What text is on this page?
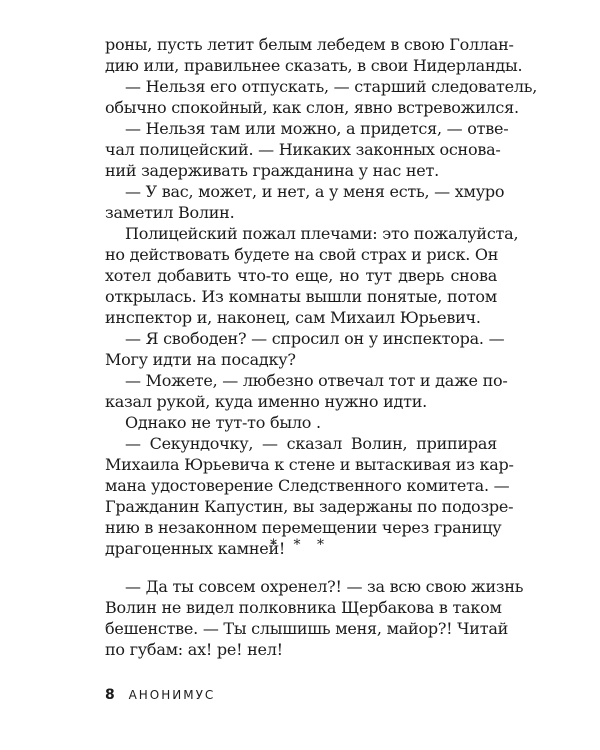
роны, пусть летит белым лебедем в свою Голлан-
дию или, правильнее сказать, в свои Нидерланды.
— Нельзя его отпускать, — старший следователь,
обычно спокойный, как слон, явно встревожился.
— Нельзя там или можно, а придется, — отве-
чал полицейский. — Никаких законных основа-
ний задерживать гражданина у нас нет.
— У вас, может, и нет, а у меня есть, — хмуро
заметил Волин.
Полицейский пожал плечами: это пожалуйста,
но действовать будете на свой страх и риск. Он
хотел добавить что-то еще, но тут дверь снова
открылась. Из комнаты вышли понятые, потом
инспектор и, наконец, сам Михаил Юрьевич.
— Я свободен? — спросил он у инспектора. —
Могу идти на посадку?
— Можете, — любезно отвечал тот и даже по-
казал рукой, куда именно нужно идти.
Однако не тут-то было .
— Секундочку, — сказал Волин, припирая
Михаила Юрьевича к стене и вытаскивая из кар-
мана удостоверение Следственного комитета. —
Гражданин Капустин, вы задержаны по подозре-
нию в незаконном перемещении через границу
драгоценных камней!
* * *
— Да ты совсем охренел?! — за всю свою жизнь
Волин не видел полковника Щербакова в таком
бешенстве. — Ты слышишь меня, майор?! Читай
по губам: ах! ре! нел!
8 АНОНИМУС
